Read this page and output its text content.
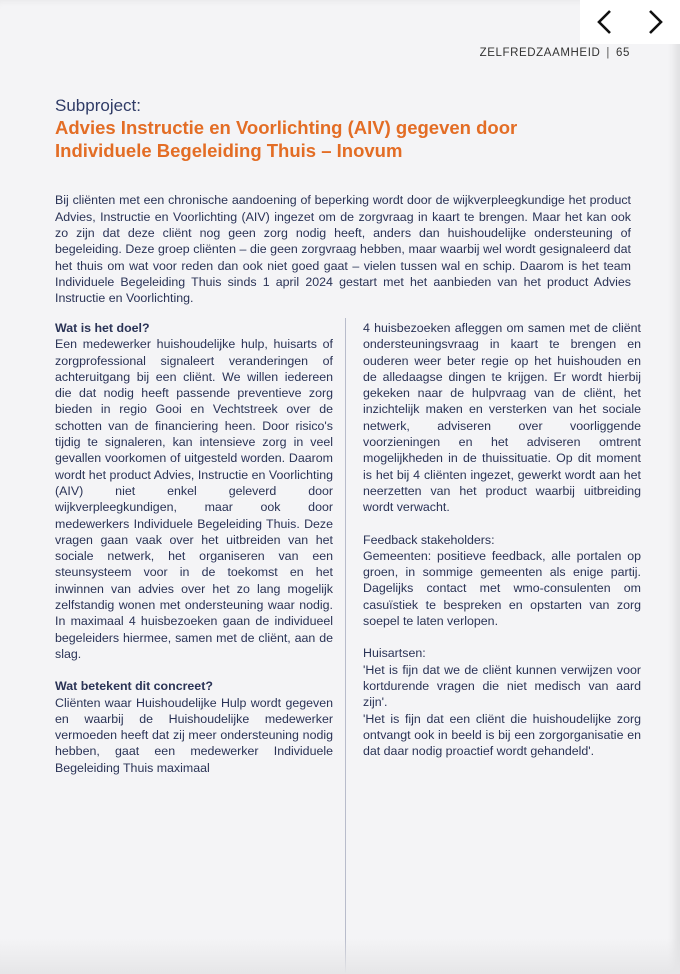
ZELFREDZAAMHEID | 65
Subproject:
Advies Instructie en Voorlichting (AIV) gegeven door
Individuele Begeleiding Thuis – Inovum

Bij cliënten met een chronische aandoening of beperking wordt door de wijkverpleegkundige het product Advies, Instructie en Voorlichting (AIV) ingezet om de zorgvraag in kaart te brengen. Maar het kan ook zo zijn dat deze cliënt nog geen zorg nodig heeft, anders dan huishoudelijke ondersteuning of begeleiding. Deze groep cliënten – die geen zorgvraag hebben, maar waarbij wel wordt gesignaleerd dat het thuis om wat voor reden dan ook niet goed gaat – vielen tussen wal en schip. Daarom is het team Individuele Begeleiding Thuis sinds 1 april 2024 gestart met het aanbieden van het product Advies Instructie en Voorlichting.

Wat is het doel?

Een medewerker huishoudelijke hulp, huisarts of zorgprofessional signaleert veranderingen of achteruitgang bij een cliënt. We willen iedereen die dat nodig heeft passende preventieve zorg bieden in regio Gooi en Vechtstreek over de schotten van de financiering heen. Door risico's tijdig te signaleren, kan intensieve zorg in veel gevallen voorkomen of uitgesteld worden. Daarom wordt het product Advies, Instructie en Voorlichting (AIV) niet enkel geleverd door wijkverpleegkundigen, maar ook door medewerkers Individuele Begeleiding Thuis. Deze vragen gaan vaak over het uitbreiden van het sociale netwerk, het organiseren van een steunsysteem voor in de toekomst en het inwinnen van advies over het zo lang mogelijk zelfstandig wonen met ondersteuning waar nodig. In maximaal 4 huisbezoeken gaan de individueel begeleiders hiermee, samen met de cliënt, aan de slag.

Wat betekent dit concreet?

Cliënten waar Huishoudelijke Hulp wordt gegeven en waarbij de Huishoudelijke medewerker vermoeden heeft dat zij meer ondersteuning nodig hebben, gaat een medewerker Individuele Begeleiding Thuis maximaal

4 huisbezoeken afleggen om samen met de cliënt ondersteuningsvraag in kaart te brengen en ouderen weer beter regie op het huishouden en de alledaagse dingen te krijgen. Er wordt hierbij gekeken naar de hulpvraag van de cliënt, het inzichtelijk maken en versterken van het sociale netwerk, adviseren over voorliggende voorzieningen en het adviseren omtrent mogelijkheden in de thuissituatie. Op dit moment is het bij 4 cliënten ingezet, gewerkt wordt aan het neerzetten van het product waarbij uitbreiding wordt verwacht.

Feedback stakeholders:

Gemeenten: positieve feedback, alle portalen op groen, in sommige gemeenten als enige partij. Dagelijks contact met wmo-consulenten om casuïstiek te bespreken en opstarten van zorg soepel te laten verlopen.

Huisartsen:

'Het is fijn dat we de cliënt kunnen verwijzen voor kortdurende vragen die niet medisch van aard zijn'.

'Het is fijn dat een cliënt die huishoudelijke zorg ontvangt ook in beeld is bij een zorgorganisatie en dat daar nodig proactief wordt gehandeld'.
